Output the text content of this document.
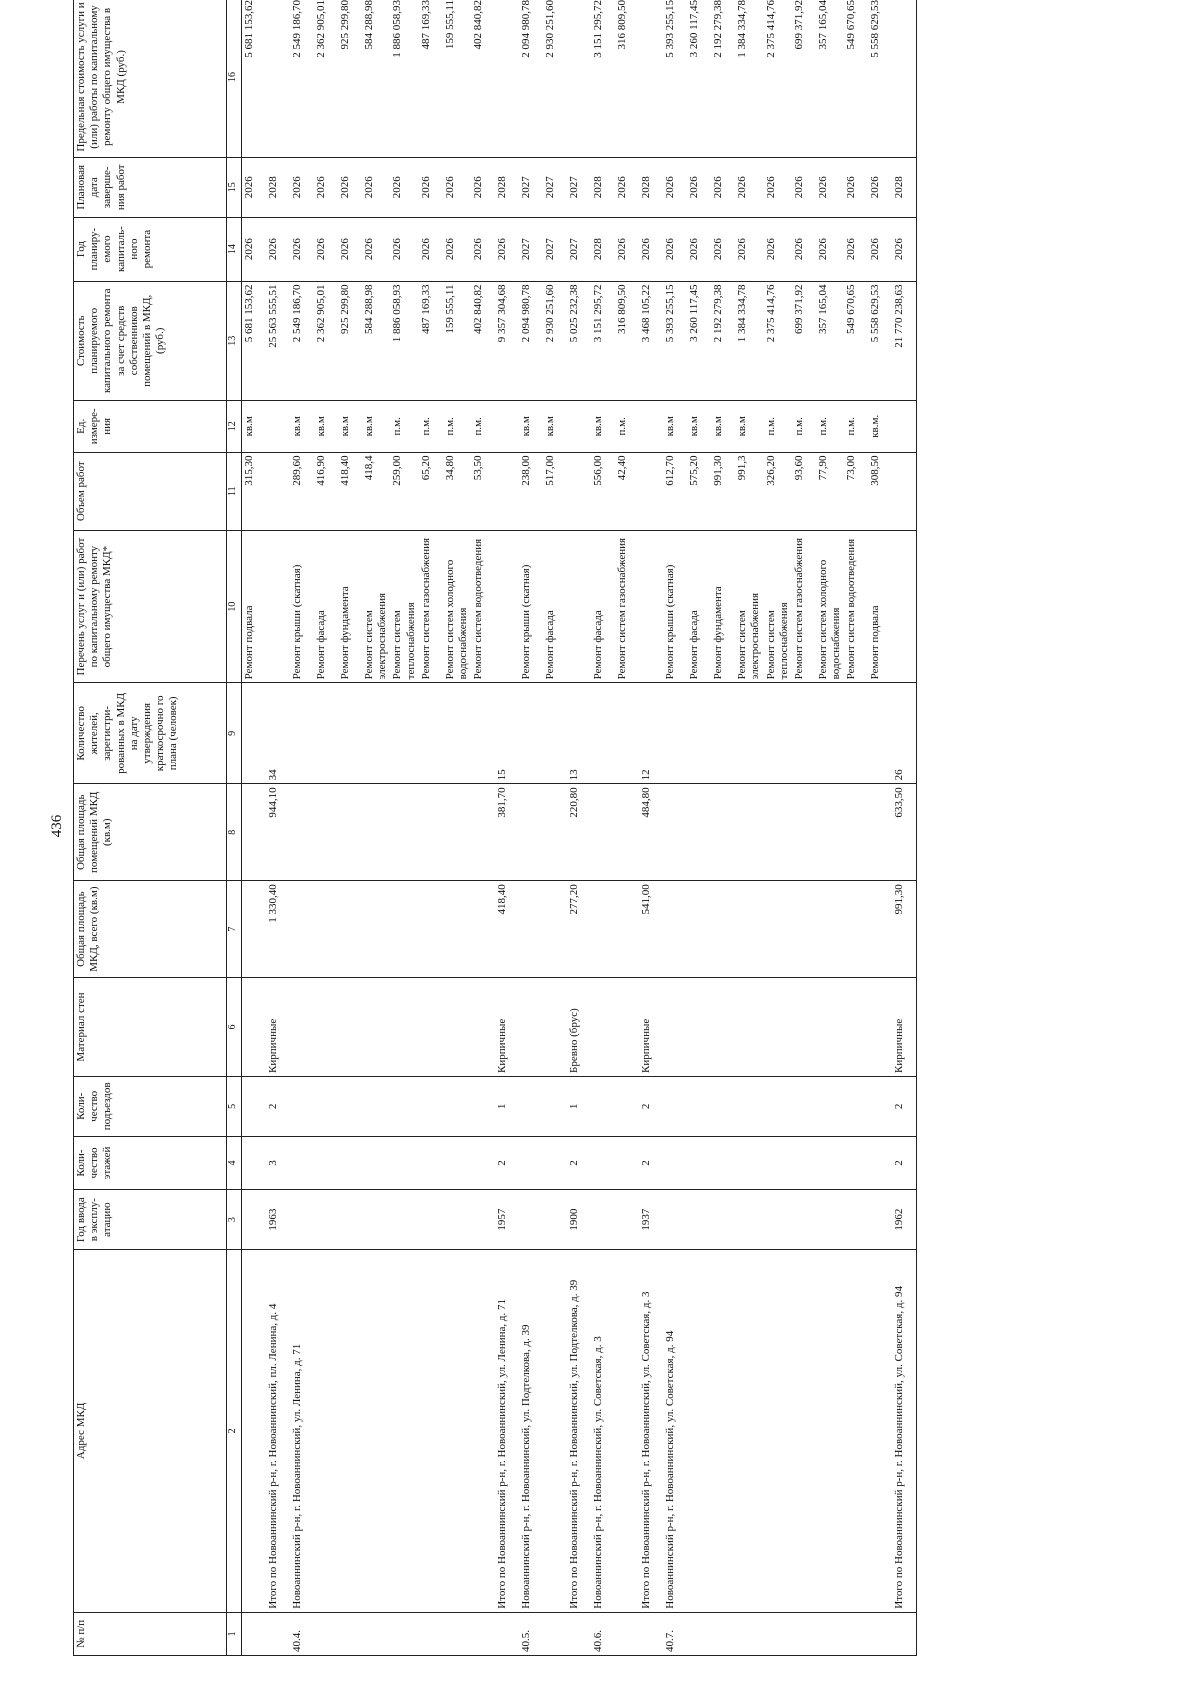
436
№ п/п	Адрес МКД	Год ввода в эксплу-атацию	Коли-чество этажей	Коли-чество подъездов	Материал стен	Общая площадь МКД, всего (кв.м)	Общая площадь помещений МКД (кв.м)	Количество жителей, зарегистри-рованных в МКД на дату утверждения краткосрочно го плана (человек)	Перечень услуг и (или) работ по капитальному ремонту общего имущества МКД*	Объем работ	Ед. измере-ния	Стоимость планируемого капитального ремонта за счет средств собственников помещений в МКД, (руб.)	Год планиру-емого капиталь-ного ремонта	Плановая дата заверше-ния работ	Предельная стоимость услуги и (или) работы по капитальному ремонту общего имущества в МКД (руб.)
1	2	3	4	5	6	7	8	9	10	11	12	13	14	15	16
									Ремонт подвала	315,30	кв.м	5 681 153,62	2026	2026	5 681 153,62
	Итого по Новоаннинский р-н, г. Новоаннинский, пл. Ленина, д. 4	1963	3	2	Кирпичные	1 330,40	944,10	34				25 563 555,51	2026	2028	
40.4.	Новоаннинский р-н, г. Новоаннинский, ул. Ленина, д. 71								Ремонт крыши (скатная)	289,60	кв.м	2 549 186,70	2026	2026	2 549 186,70
									Ремонт фасада	416,90	кв.м	2 362 905,01	2026	2026	2 362 905,01
									Ремонт фундамента	418,40	кв.м	925 299,80	2026	2026	925 299,80
									Ремонт систем электроснабжения	418,4	кв.м	584 288,98	2026	2026	584 288,98
									Ремонт систем теплоснабжения	259,00	п.м.	1 886 058,93	2026	2026	1 886 058,93
									Ремонт систем газоснабжения	65,20	п.м.	487 169,33	2026	2026	487 169,33
									Ремонт систем холодного водоснабжения	34,80	п.м.	159 555,11	2026	2026	159 555,11
									Ремонт систем водоотведения	53,50	п.м.	402 840,82	2026	2026	402 840,82
	Итого по Новоаннинский р-н, г. Новоаннинский, ул. Ленина, д. 71	1957	2	1	Кирпичные	418,40	381,70	15				9 357 304,68	2026	2028	
40.5.	Новоаннинский р-н, г. Новоаннинский, ул. Подтелкова, д. 39								Ремонт крыши (скатная)	238,00	кв.м	2 094 980,78	2027	2027	2 094 980,78
									Ремонт фасада	517,00	кв.м	2 930 251,60	2027	2027	2 930 251,60
	Итого по Новоаннинский р-н, г. Новоаннинский, ул. Подтелкова, д. 39	1900	2	1	Бревно (брус)	277,20	220,80	13				5 025 232,38	2027	2027	
40.6.	Новоаннинский р-н, г. Новоаннинский, ул. Советская, д. 3								Ремонт фасада	556,00	кв.м	3 151 295,72	2028	2028	3 151 295,72
									Ремонт систем газоснабжения	42,40	п.м.	316 809,50	2026	2026	316 809,50
	Итого по Новоаннинский р-н, г. Новоаннинский, ул. Советская, д. 3	1937	2	2	Кирпичные	541,00	484,80	12				3 468 105,22	2026	2028	
40.7.	Новоаннинский р-н, г. Новоаннинский, ул. Советская, д. 94								Ремонт крыши (скатная)	612,70	кв.м	5 393 255,15	2026	2026	5 393 255,15
									Ремонт фасада	575,20	кв.м	3 260 117,45	2026	2026	3 260 117,45
									Ремонт фундамента	991,30	кв.м	2 192 279,38	2026	2026	2 192 279,38
									Ремонт систем электроснабжения	991,3	кв.м	1 384 334,78	2026	2026	1 384 334,78
									Ремонт систем теплоснабжения	326,20	п.м.	2 375 414,76	2026	2026	2 375 414,76
									Ремонт систем газоснабжения	93,60	п.м.	699 371,92	2026	2026	699 371,92
									Ремонт систем холодного водоснабжения	77,90	п.м.	357 165,04	2026	2026	357 165,04
									Ремонт систем водоотведения	73,00	п.м.	549 670,65	2026	2026	549 670,65
									Ремонт подвала	308,50	кв.м.	5 558 629,53	2026	2026	5 558 629,53
	Итого по Новоаннинский р-н, г. Новоаннинский, ул. Советская, д. 94	1962	2	2	Кирпичные	991,30	633,50	26				21 770 238,63	2026	2028	
